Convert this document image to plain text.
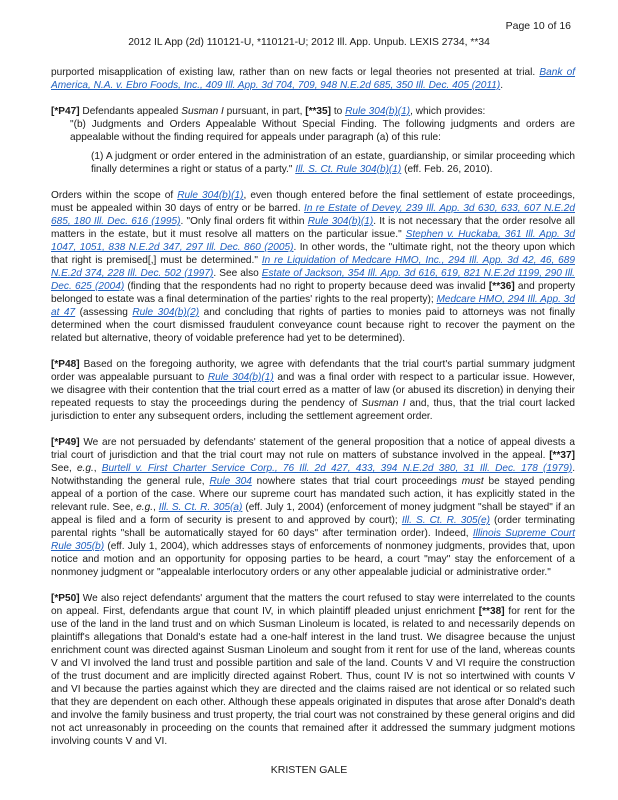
Page 10 of 16
2012 IL App (2d) 110121-U, *110121-U; 2012 Ill. App. Unpub. LEXIS 2734, **34

purported misapplication of existing law, rather than on new facts or legal theories not presented at trial. Bank of America, N.A. v. Ebro Foods, Inc., 409 Ill. App. 3d 704, 709, 948 N.E.2d 685, 350 Ill. Dec. 405 (2011).

[*P47] Defendants appealed Susman I pursuant, in part, [**35] to Rule 304(b)(1), which provides:

"(b) Judgments and Orders Appealable Without Special Finding. The following judgments and orders are appealable without the finding required for appeals under paragraph (a) of this rule:

(1) A judgment or order entered in the administration of an estate, guardianship, or similar proceeding which finally determines a right or status of a party." Ill. S. Ct. Rule 304(b)(1) (eff. Feb. 26, 2010).

Orders within the scope of Rule 304(b)(1), even though entered before the final settlement of estate proceedings, must be appealed within 30 days of entry or be barred. In re Estate of Devey, 239 Ill. App. 3d 630, 633, 607 N.E.2d 685, 180 Ill. Dec. 616 (1995). "Only final orders fit within Rule 304(b)(1). It is not necessary that the order resolve all matters in the estate, but it must resolve all matters on the particular issue." Stephen v. Huckaba, 361 Ill. App. 3d 1047, 1051, 838 N.E.2d 347, 297 Ill. Dec. 860 (2005). In other words, the "ultimate right, not the theory upon which that right is premised[,] must be determined." In re Liquidation of Medcare HMO, Inc., 294 Ill. App. 3d 42, 46, 689 N.E.2d 374, 228 Ill. Dec. 502 (1997). See also Estate of Jackson, 354 Ill. App. 3d 616, 619, 821 N.E.2d 1199, 290 Ill. Dec. 625 (2004) (finding that the respondents had no right to property because deed was invalid [**36] and property belonged to estate was a final determination of the parties' rights to the real property); Medcare HMO, 294 Ill. App. 3d at 47 (assessing Rule 304(b)(2) and concluding that rights of parties to monies paid to attorneys was not finally determined when the court dismissed fraudulent conveyance count because right to recover the payment on the related but alternative, theory of voidable preference had yet to be determined).

[*P48] Based on the foregoing authority, we agree with defendants that the trial court's partial summary judgment order was appealable pursuant to Rule 304(b)(1) and was a final order with respect to a particular issue. However, we disagree with their contention that the trial court erred as a matter of law (or abused its discretion) in denying their repeated requests to stay the proceedings during the pendency of Susman I and, thus, that the trial court lacked jurisdiction to enter any subsequent orders, including the settlement agreement order.

[*P49] We are not persuaded by defendants' statement of the general proposition that a notice of appeal divests a trial court of jurisdiction and that the trial court may not rule on matters of substance involved in the appeal. [**37] See, e.g., Burtell v. First Charter Service Corp., 76 Ill. 2d 427, 433, 394 N.E.2d 380, 31 Ill. Dec. 178 (1979). Notwithstanding the general rule, Rule 304 nowhere states that trial court proceedings must be stayed pending appeal of a portion of the case. Where our supreme court has mandated such action, it has explicitly stated in the relevant rule. See, e.g., Ill. S. Ct. R. 305(a) (eff. July 1, 2004) (enforcement of money judgment "shall be stayed" if an appeal is filed and a form of security is present to and approved by court); Ill. S. Ct. R. 305(e) (order terminating parental rights "shall be automatically stayed for 60 days" after termination order). Indeed, Illinois Supreme Court Rule 305(b) (eff. July 1, 2004), which addresses stays of enforcements of nonmoney judgments, provides that, upon notice and motion and an opportunity for opposing parties to be heard, a court "may" stay the enforcement of a nonmoney judgment or "appealable interlocutory orders or any other appealable judicial or administrative order."

[*P50] We also reject defendants' argument that the matters the court refused to stay were interrelated to the counts on appeal. First, defendants argue that count IV, in which plaintiff pleaded unjust enrichment [**38] for rent for the use of the land in the land trust and on which Susman Linoleum is located, is related to and necessarily depends on plaintiff's allegations that Donald's estate had a one-half interest in the land trust. We disagree because the unjust enrichment count was directed against Susman Linoleum and sought from it rent for use of the land, whereas counts V and VI involved the land trust and possible partition and sale of the land. Counts V and VI require the construction of the trust document and are implicitly directed against Robert. Thus, count IV is not so intertwined with counts V and VI because the parties against which they are directed and the claims raised are not identical or so related such that they are dependent on each other. Although these appeals originated in disputes that arose after Donald's death and involve the family business and trust property, the trial court was not constrained by these general origins and did not act unreasonably in proceeding on the counts that remained after it addressed the summary judgment motions involving counts V and VI.

KRISTEN GALE
